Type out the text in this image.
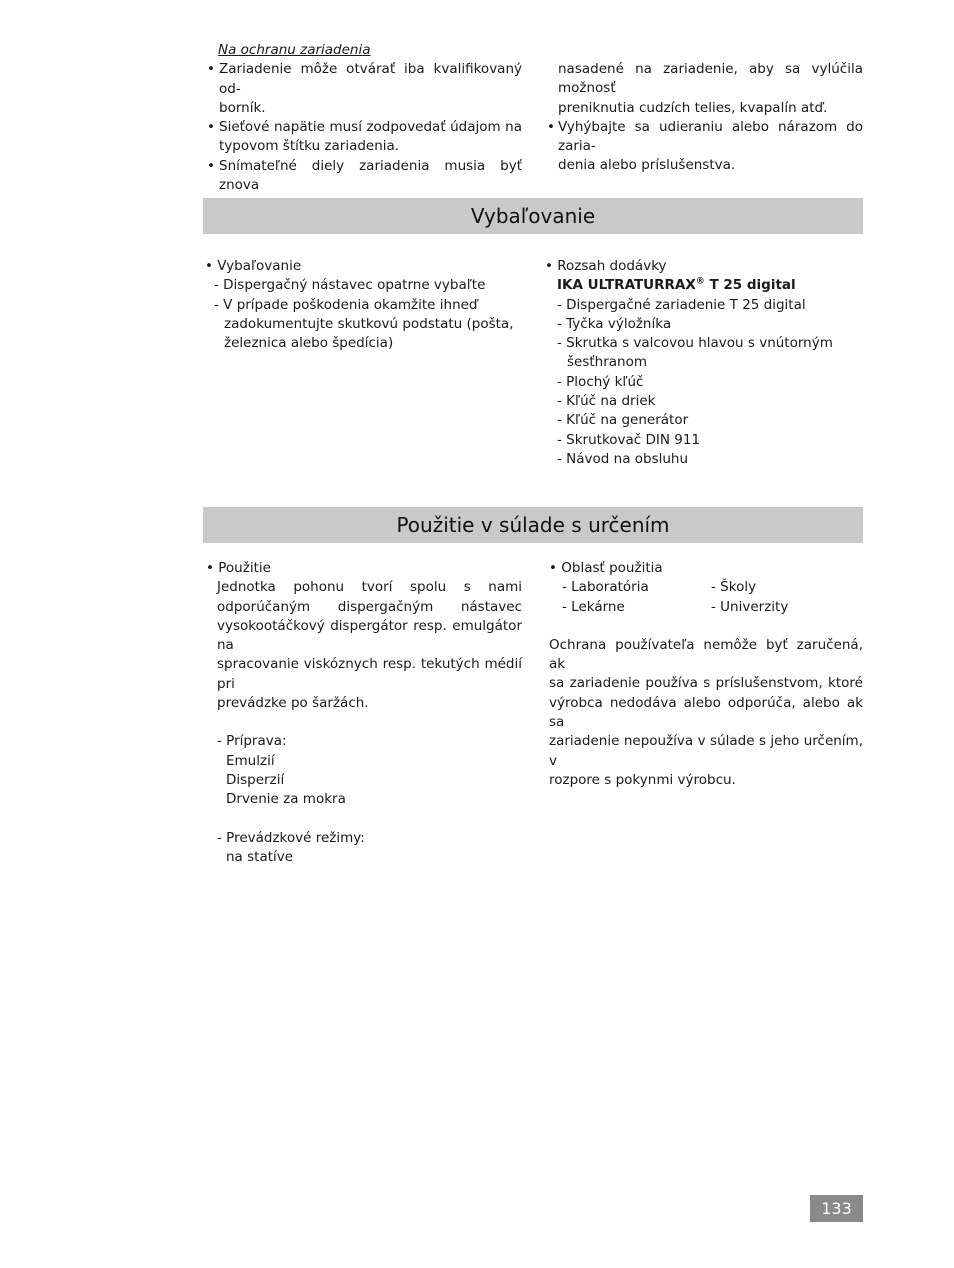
Na ochranu zariadenia
• Zariadenie môže otvárať iba kvalifikovaný od-
borník.
• Sieťové napätie musí zodpovedať údajom na
typovom štítku zariadenia.
• Snímateľné diely zariadenia musia byť znova
nasadené na zariadenie, aby sa vylúčila možnosť
preniknutia cudzích telies, kvapalín atď.
• Vyhýbajte sa udieraniu alebo nárazom do zaria-
denia alebo príslušenstva.
Vybaľovanie
• Vybaľovanie
- Dispergačný nástavec opatrne vybaľte
- V prípade poškodenia okamžite ihneď
zadokumentujte skutkovú podstatu (pošta,
železnica alebo špedícia)
• Rozsah dodávky
IKA ULTRATURRAX® T 25 digital
- Dispergačné zariadenie T 25 digital
- Tyčka výložníka
- Skrutka s valcovou hlavou s vnútorným
šesťhranom
- Plochý kľúč
- Kľúč na driek
- Kľúč na generátor
- Skrutkovač DIN 911
- Návod na obsluhu
Použitie v súlade s určením
• Použitie
Jednotka pohonu tvorí spolu s nami
odporúčaným dispergačným nástavec
vysokootáčkový dispergátor resp. emulgátor na
spracovanie viskóznych resp. tekutých médií pri
prevádzke po šaržách.
- Príprava:
Emulzií
Disperzií
Drvenie za mokra
- Prevádzkové režimy:
na statíve
• Oblasť použitia
- Laboratória
- Lekárne
- Školy
- Univerzity
Ochrana používateľa nemôže byť zaručená, ak
sa zariadenie používa s príslušenstvom, ktoré
výrobca nedodáva alebo odporúča, alebo ak sa
zariadenie nepoužíva v súlade s jeho určením, v
rozpore s pokynmi výrobcu.
133
